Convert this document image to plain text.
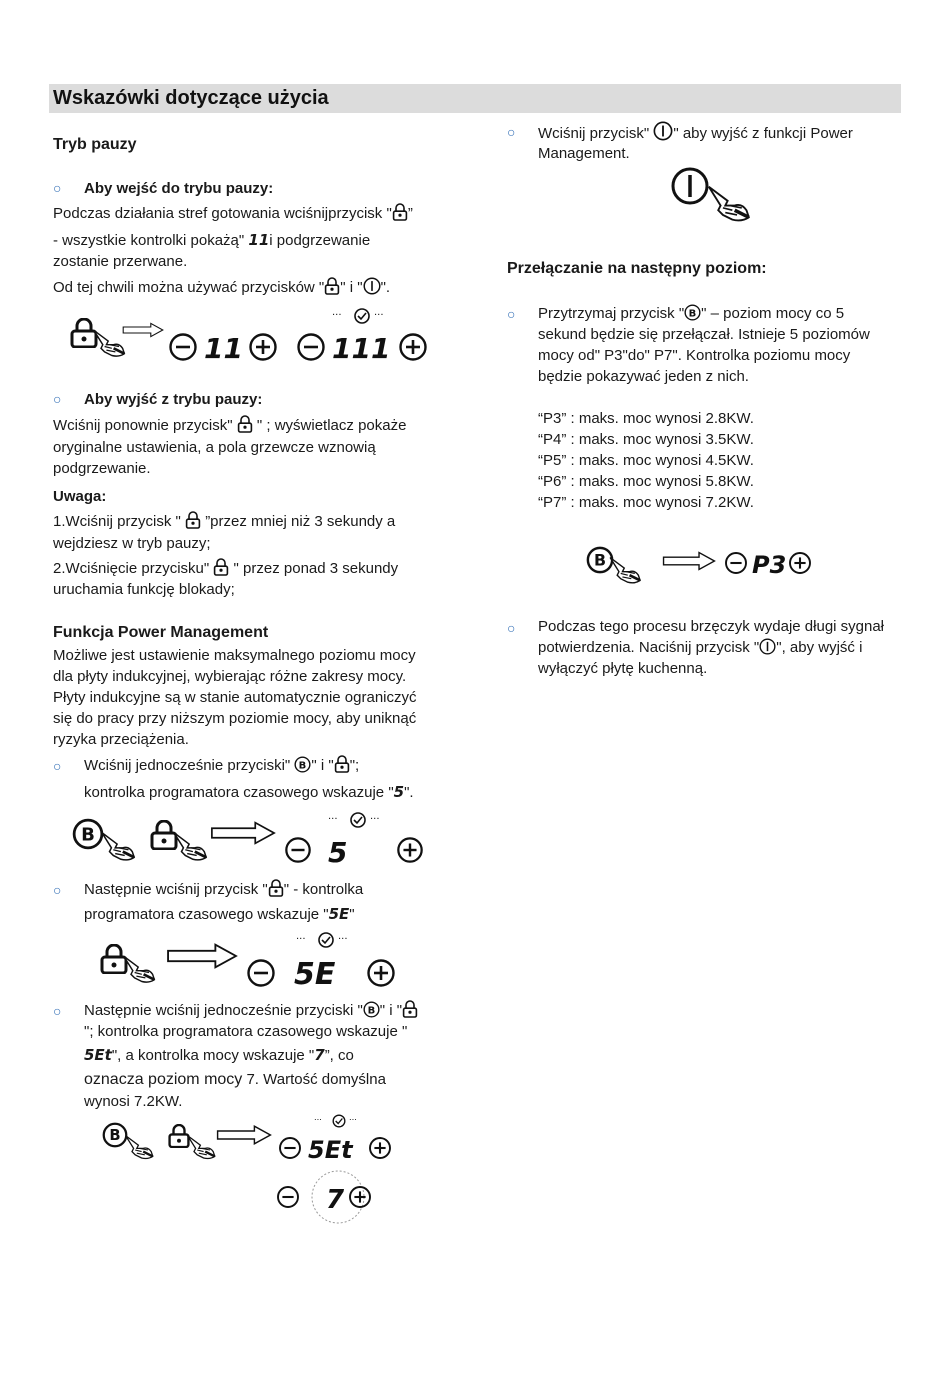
Wskazówki dotyczące użycia
Tryb pauzy
○ Aby wejść do trybu pauzy:
Podczas działania stref gotowania wciśnijprzycisk " ”
- wszystkie kontrolki pokażą" 11i podgrzewanie
zostanie przerwane.
Od tej chwili można używać przycisków " " i " ".
11	111
○ Aby wyjść z trybu pauzy:
Wciśnij ponownie przycisk" " ; wyświetlacz pokaże
oryginalne ustawienia, a pola grzewcze wznowią
podgrzewanie.
Uwaga:
1.Wciśnij przycisk " ”przez mniej niż 3 sekundy a
wejdziesz w tryb pauzy;
2.Wciśnięcie przycisku" " przez ponad 3 sekundy
uruchamia funkcję blokady;
Funkcja Power Management
Możliwe jest ustawienie maksymalnego poziomu mocy
dla płyty indukcyjnej, wybierając różne zakresy mocy.
Płyty indukcyjne są w stanie automatycznie ograniczyć
się do pracy przy niższym poziomie mocy, aby uniknąć
ryzyka przeciążenia.
○ Wciśnij jednocześnie przyciski" " i " ";
kontrolka programatora czasowego wskazuje "5".
5
○ Następnie wciśnij przycisk " " - kontrolka
programatora czasowego wskazuje "5E"
5E
○ Następnie wciśnij jednocześnie przyciski " " i "
"; kontrolka programatora czasowego wskazuje "
5Et", a kontrolka mocy wskazuje "7”, co
oznacza poziom mocy 7. Wartość domyślna
wynosi 7.2KW.
5Et
7
○ Wciśnij przycisk" " aby wyjść z funkcji Power
Management.
Przełączanie na następny poziom:
○ Przytrzymaj przycisk " " – poziom mocy co 5
sekund będzie się przełączał. Istnieje 5 poziomów
mocy od" P3"do" P7". Kontrolka poziomu mocy
będzie pokazywać jeden z nich.
“P3” : maks. moc wynosi 2.8KW.
“P4” : maks. moc wynosi 3.5KW.
“P5” : maks. moc wynosi 4.5KW.
“P6” : maks. moc wynosi 5.8KW.
“P7” : maks. moc wynosi 7.2KW.
P3
○ Podczas tego procesu brzęczyk wydaje długi sygnał
potwierdzenia. Naciśnij przycisk " ", aby wyjść i
wyłączyć płytę kuchenną.
